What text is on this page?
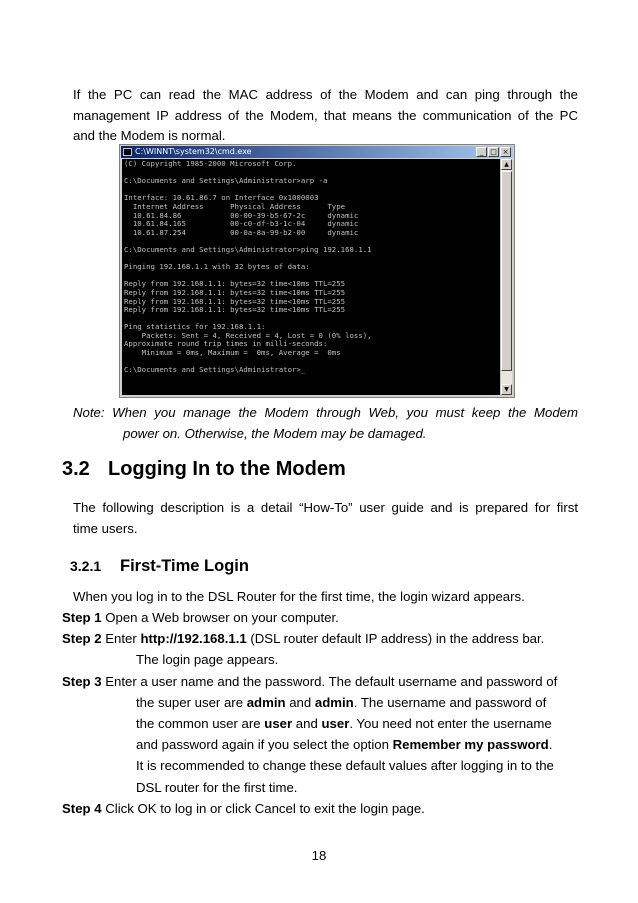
If the PC can read the MAC address of the Modem and can ping through the
management IP address of the Modem, that means the communication of the PC
and the Modem is normal.
C:\WINNT\system32\cmd.exe	_ □ ×
(C) Copyright 1985-2000 Microsoft Corp.

C:\Documents and Settings\Administrator>arp -a

Interface: 10.61.86.7 on Interface 0x1000003
Internet Address      Physical Address      Type
10.61.84.86           00-00-39-b5-67-2c     dynamic
10.61.84.165          00-c0-df-b3-1c-04     dynamic
10.61.87.254          00-0a-8a-99-b2-00     dynamic

C:\Documents and Settings\Administrator>ping 192.168.1.1

Pinging 192.168.1.1 with 32 bytes of data:

Reply from 192.168.1.1: bytes=32 time<10ms TTL=255
Reply from 192.168.1.1: bytes=32 time<10ms TTL=255
Reply from 192.168.1.1: bytes=32 time<10ms TTL=255
Reply from 192.168.1.1: bytes=32 time<10ms TTL=255

Ping statistics for 192.168.1.1:
Packets: Sent = 4, Received = 4, Lost = 0 (0% loss),
Approximate round trip times in milli-seconds:
Minimum = 0ms, Maximum =  0ms, Average =  0ms

C:\Documents and Settings\Administrator>_
▲
▼
Note: When you manage the Modem through Web, you must keep the Modem
power on. Otherwise, the Modem may be damaged.
3.2 Logging In to the Modem
The following description is a detail “How-To” user guide and is prepared for first
time users.
3.2.1 First-Time Login
When you log in to the DSL Router for the first time, the login wizard appears.
Step 1 Open a Web browser on your computer.
Step 2 Enter http://192.168.1.1 (DSL router default IP address) in the address bar.
The login page appears.
Step 3 Enter a user name and the password. The default username and password of
the super user are admin and admin. The username and password of
the common user are user and user. You need not enter the username
and password again if you select the option Remember my password.
It is recommended to change these default values after logging in to the
DSL router for the first time.
Step 4 Click OK to log in or click Cancel to exit the login page.
18
